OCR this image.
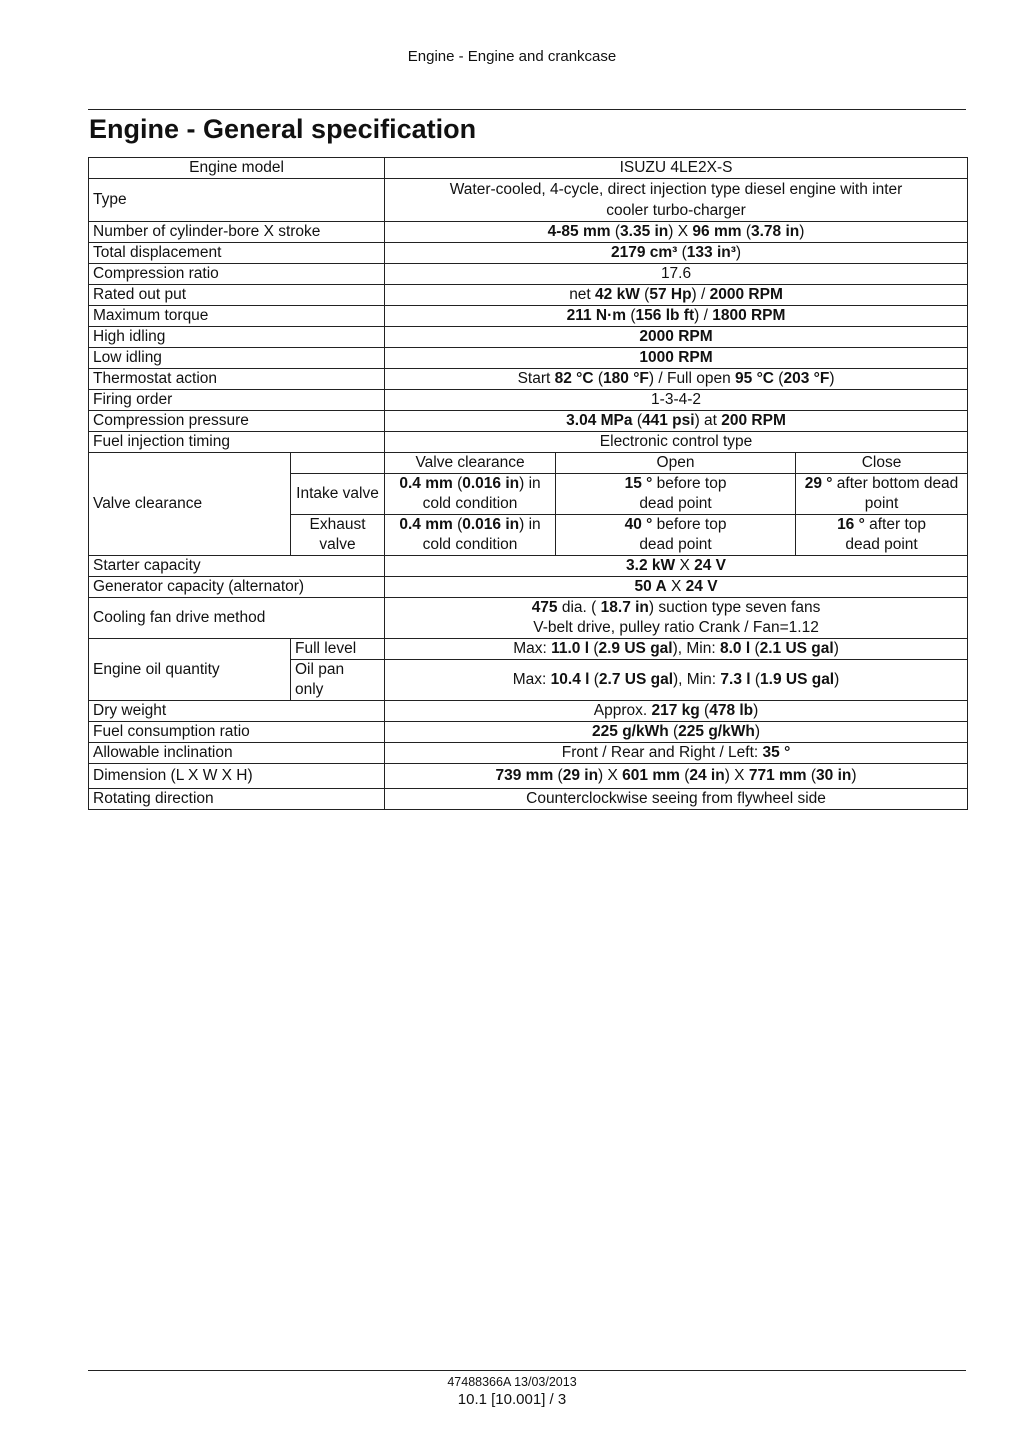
Engine - Engine and crankcase
Engine - General specification
Engine model		ISUZU 4LE2X-S		
Type		Water-cooled, 4-cycle, direct injection type diesel engine with inter
cooler turbo-charger		
Number of cylinder-bore X stroke		4-85 mm (3.35 in) X 96 mm (3.78 in)		
Total displacement		2179 cm³ (133 in³)		
Compression ratio		17.6		
Rated out put		net 42 kW (57 Hp) / 2000 RPM		
Maximum torque		211 N·m (156 lb ft) / 1800 RPM		
High idling		2000 RPM		
Low idling		1000 RPM		
Thermostat action		Start 82 °C (180 °F) / Full open 95 °C (203 °F)		
Firing order		1-3-4-2		
Compression pressure		3.04 MPa (441 psi) at 200 RPM		
Fuel injection timing		Electronic control type		
Valve clearance		Valve clearance	Open	Close
	Intake valve	0.4 mm (0.016 in) in cold condition	15 ° before top dead point	29 ° after bottom dead point
	Exhaust valve	0.4 mm (0.016 in) in cold condition	40 ° before top dead point	16 ° after top dead point
Starter capacity		3.2 kW X 24 V		
Generator capacity (alternator)		50 A X 24 V		
Cooling fan drive method		475 dia. ( 18.7 in) suction type seven fans
V-belt drive, pulley ratio Crank / Fan=1.12		
Engine oil quantity	Full level	Max: 11.0 l (2.9 US gal), Min: 8.0 l (2.1 US gal)		
	Oil pan only	Max: 10.4 l (2.7 US gal), Min: 7.3 l (1.9 US gal)		
Dry weight		Approx. 217 kg (478 lb)		
Fuel consumption ratio		225 g/kWh (225 g/kWh)		
Allowable inclination		Front / Rear and Right / Left: 35 °		
Dimension (L X W X H)		739 mm (29 in) X 601 mm (24 in) X 771 mm (30 in)		
Rotating direction		Counterclockwise seeing from flywheel side		
47488366A 13/03/2013
10.1 [10.001] / 3
